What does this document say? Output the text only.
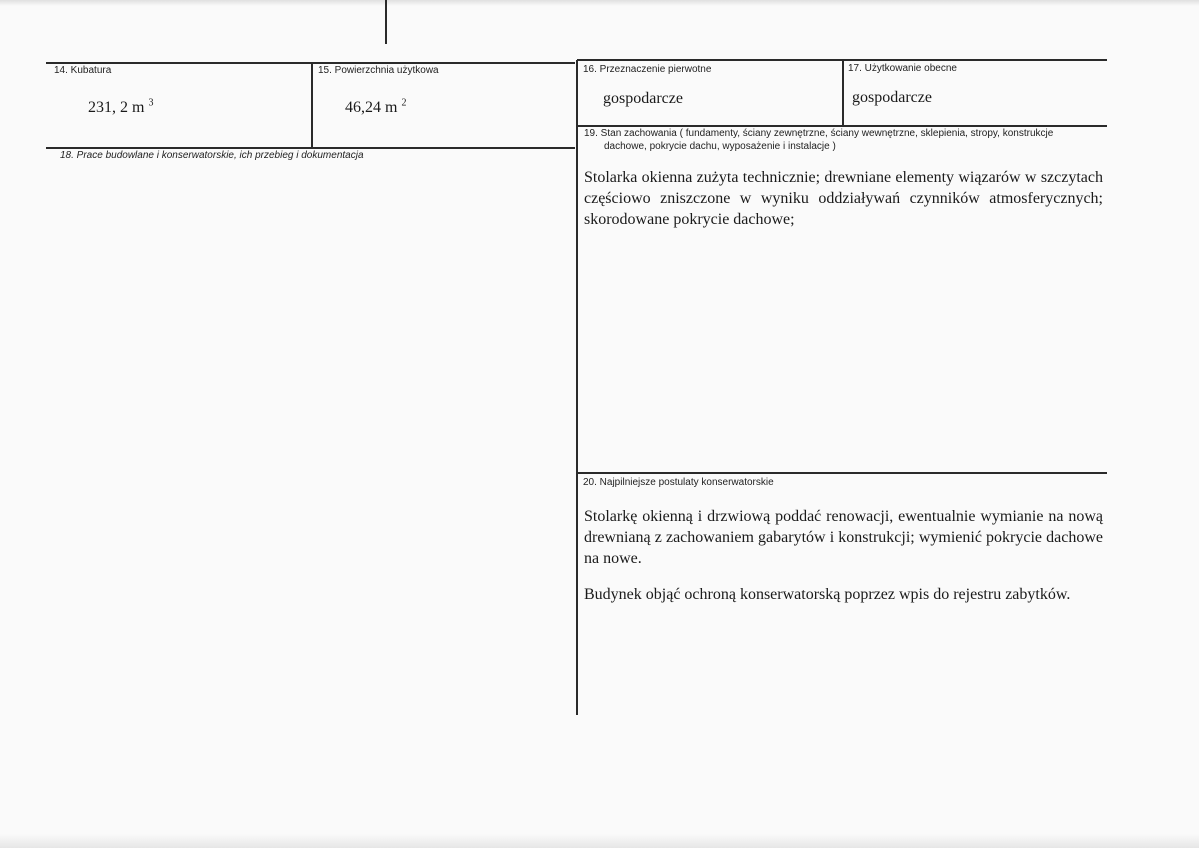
14. Kubatura
231, 2 m $^3$
15. Powierzchnia użytkowa
46,24 m $^2$
16. Przeznaczenie pierwotne
gospodarcze
17. Użytkowanie obecne
gospodarcze
18. Prace budowlane i konserwatorskie, ich przebieg i dokumentacja
19. Stan zachowania ( fundamenty, ściany zewnętrzne, ściany wewnętrzne, sklepienia, stropy, konstrukcje
dachowe, pokrycie dachu, wyposażenie i instalacje )
Stolarka okienna zużyta technicznie; drewniane elementy wiązarów w szczytach częściowo zniszczone w wyniku oddziaływań czynników atmosferycznych; skorodowane pokrycie dachowe;
20. Najpilniejsze postulaty konserwatorskie
Stolarkę okienną i drzwiową poddać renowacji, ewentualnie wymianie na nową drewnianą z zachowaniem gabarytów i konstrukcji; wymienić pokrycie dachowe na nowe.
Budynek objąć ochroną konserwatorską poprzez wpis do rejestru zabytków.
